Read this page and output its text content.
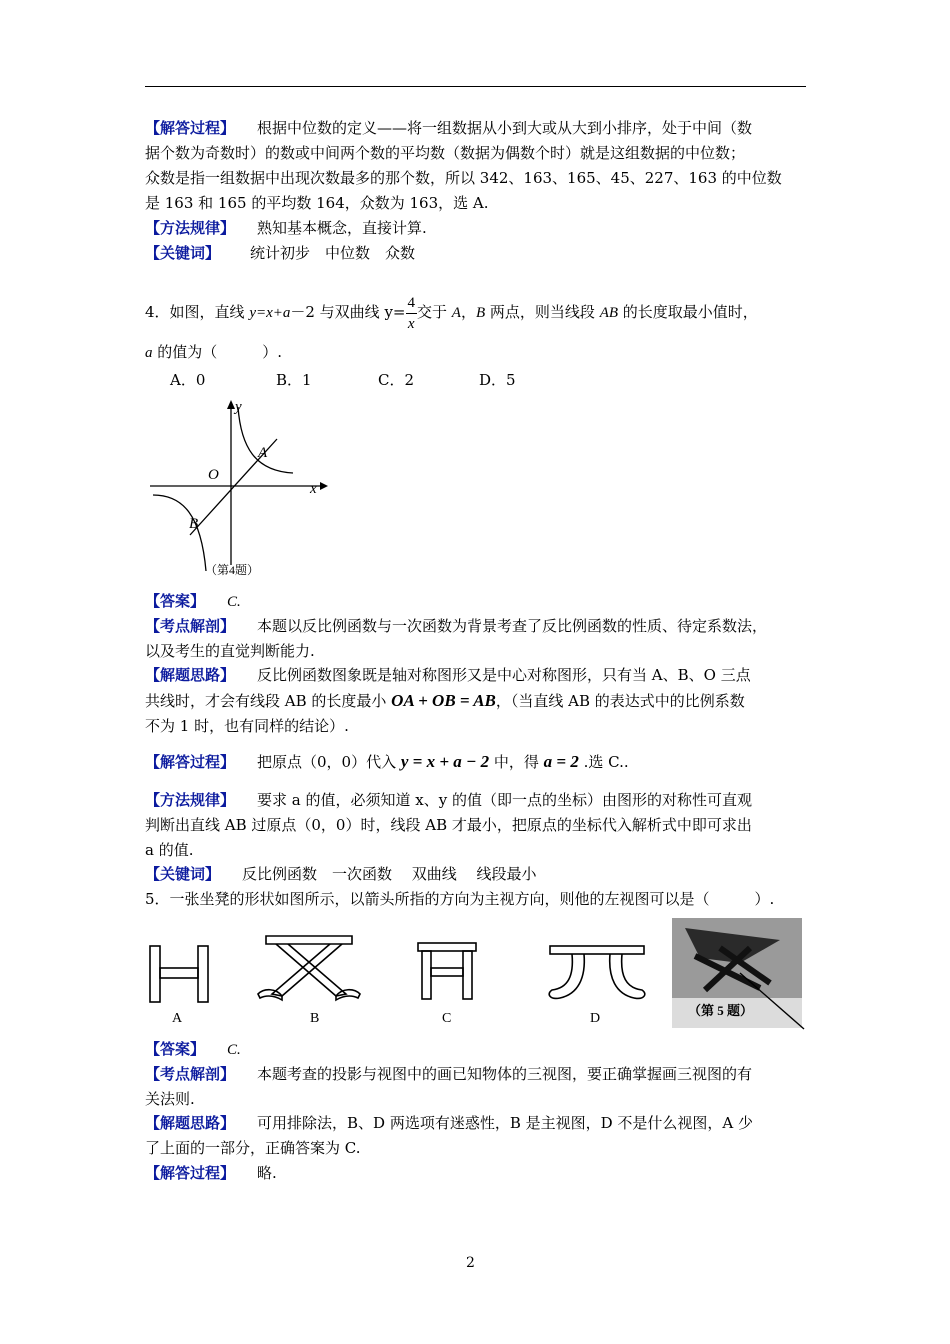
【解答过程】 根据中位数的定义——将一组数据从小到大或从大到小排序，处于中间（数
据个数为奇数时）的数或中间两个数的平均数（数据为偶数个时）就是这组数据的中位数；
众数是指一组数据中出现次数最多的那个数，所以 342、163、165、45、227、163 的中位数
是 163 和 165 的平均数 164，众数为 163，选 A.
【方法规律】 熟知基本概念，直接计算.
【关键词】 统计初步　中位数　众数
4．如图，直线 y=x+a－2 与双曲线 $y= \frac{4}{x}$ 交于 A，B 两点，则当线段 AB 的长度取最小值时，
a 的值为（　　　）.
A．0	B．1	C．2	D．5
y
x
O
A
B
（第4题）
【答案】 C.
【考点解剖】 本题以反比例函数与一次函数为背景考查了反比例函数的性质、待定系数法，
以及考生的直觉判断能力.
【解题思路】 反比例函数图象既是轴对称图形又是中心对称图形，只有当 A、B、O 三点
共线时，才会有线段 AB 的长度最小 OA + OB = AB，（当直线 AB 的表达式中的比例系数
不为 1 时，也有同样的结论）.
【解答过程】 把原点（0，0）代入 y = x + a − 2 中，得 a = 2 .选 C..
【方法规律】 要求 a 的值，必须知道 x、y 的值（即一点的坐标）由图形的对称性可直观
判断出直线 AB 过原点（0，0）时，线段 AB 才最小，把原点的坐标代入解析式中即可求出
a 的值.
【关键词】 反比例函数　一次函数　 双曲线　 线段最小
5．一张坐凳的形状如图所示，以箭头所指的方向为主视方向，则他的左视图可以是（　　　）.
A	B	C	D
（第 5 题）
【答案】 C.
【考点解剖】 本题考查的投影与视图中的画已知物体的三视图，要正确掌握画三视图的有
关法则.
【解题思路】 可用排除法，B、D 两选项有迷惑性，B 是主视图，D 不是什么视图，A 少
了上面的一部分，正确答案为 C.
【解答过程】 略.
2
